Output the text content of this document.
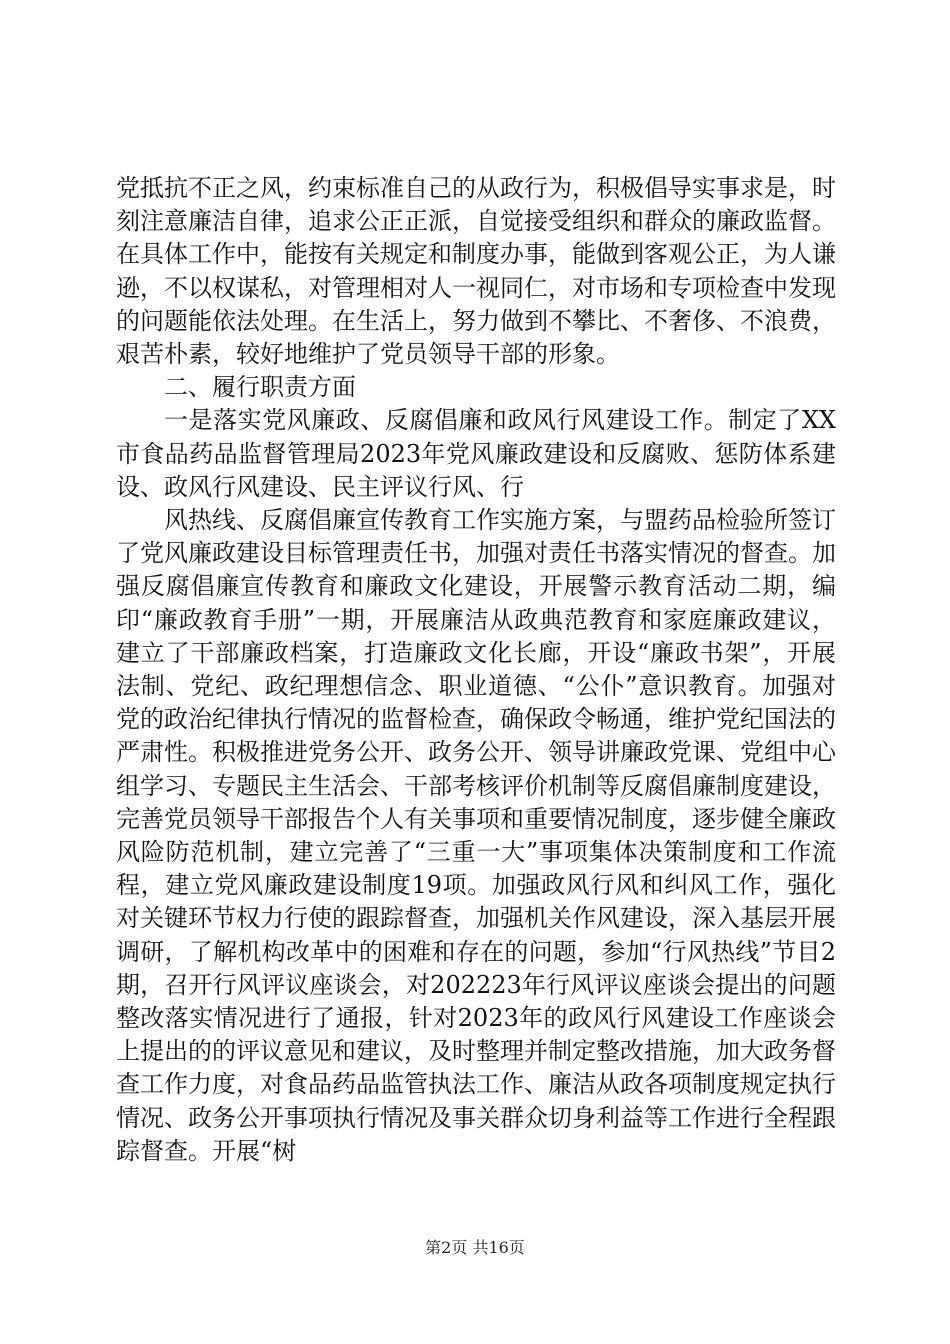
党抵抗不正之风，约束标准自己的从政行为，积极倡导实事求是，时刻注意廉洁自律，追求公正正派，自觉接受组织和群众的廉政监督。在具体工作中，能按有关规定和制度办事，能做到客观公正，为人谦逊，不以权谋私，对管理相对人一视同仁，对市场和专项检查中发现的问题能依法处理。在生活上，努力做到不攀比、不奢侈、不浪费，艰苦朴素，较好地维护了党员领导干部的形象。

二、履行职责方面

一是落实党风廉政、反腐倡廉和政风行风建设工作。制定了XX市食品药品监督管理局2023年党风廉政建设和反腐败、惩防体系建设、政风行风建设、民主评议行风、行

风热线、反腐倡廉宣传教育工作实施方案，与盟药品检验所签订了党风廉政建设目标管理责任书，加强对责任书落实情况的督查。加强反腐倡廉宣传教育和廉政文化建设，开展警示教育活动二期，编印“廉政教育手册”一期，开展廉洁从政典范教育和家庭廉政建议，建立了干部廉政档案，打造廉政文化长廊，开设“廉政书架”，开展法制、党纪、政纪理想信念、职业道德、“公仆”意识教育。加强对党的政治纪律执行情况的监督检查，确保政令畅通，维护党纪国法的严肃性。积极推进党务公开、政务公开、领导讲廉政党课、党组中心组学习、专题民主生活会、干部考核评价机制等反腐倡廉制度建设，完善党员领导干部报告个人有关事项和重要情况制度，逐步健全廉政风险防范机制，建立完善了“三重一大”事项集体决策制度和工作流程，建立党风廉政建设制度19项。加强政风行风和纠风工作，强化对关键环节权力行使的跟踪督查，加强机关作风建设，深入基层开展调研，了解机构改革中的困难和存在的问题，参加“行风热线”节目2期，召开行风评议座谈会，对202223年行风评议座谈会提出的问题整改落实情况进行了通报，针对2023年的政风行风建设工作座谈会上提出的的评议意见和建议，及时整理并制定整改措施，加大政务督查工作力度，对食品药品监管执法工作、廉洁从政各项制度规定执行情况、政务公开事项执行情况及事关群众切身利益等工作进行全程跟踪督查。开展“树

第2页 共16页
